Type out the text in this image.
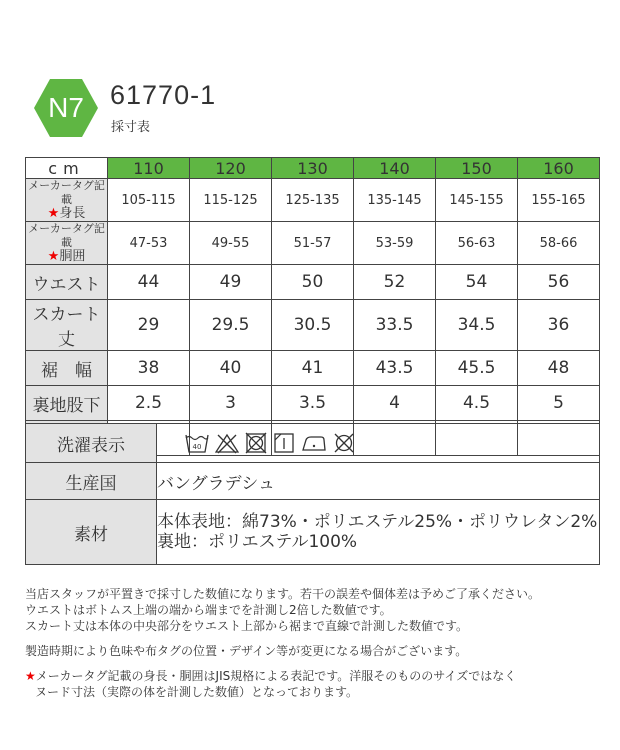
N7 61770-1
採寸表
cm	110	120	130	140	150	160

メーカータグ記載
★身長	105-115	115-125	125-135	135-145	145-155	155-165

メーカータグ記載
★胴囲	47-53	49-55	51-57	53-59	56-63	58-66
ウエスト	44	49	50	52	54	56
スカート丈	29	29.5	30.5	33.5	34.5	36
裾　幅	38	40	41	43.5	45.5	48
裏地股下	2.5	3	3.5	4	4.5	5

洗濯表示	40

生産国	バングラデシュ
素材	本体表地：綿73%・ポリエステル25%・ポリウレタン2%
裏地：ポリエステル100%

当店スタッフが平置きで採寸した数値になります。若干の誤差や個体差は予めご了承ください。

ウエストはボトムス上端の端から端までを計測し2倍した数値です。

スカート丈は本体の中央部分をウエスト上部から裾まで直線で計測した数値です。

製造時期により色味や布タグの位置・デザイン等が変更になる場合がございます。

★メーカータグ記載の身長・胴囲はJIS規格による表記です。洋服そのもののサイズではなく

ヌード寸法（実際の体を計測した数値）となっております。
